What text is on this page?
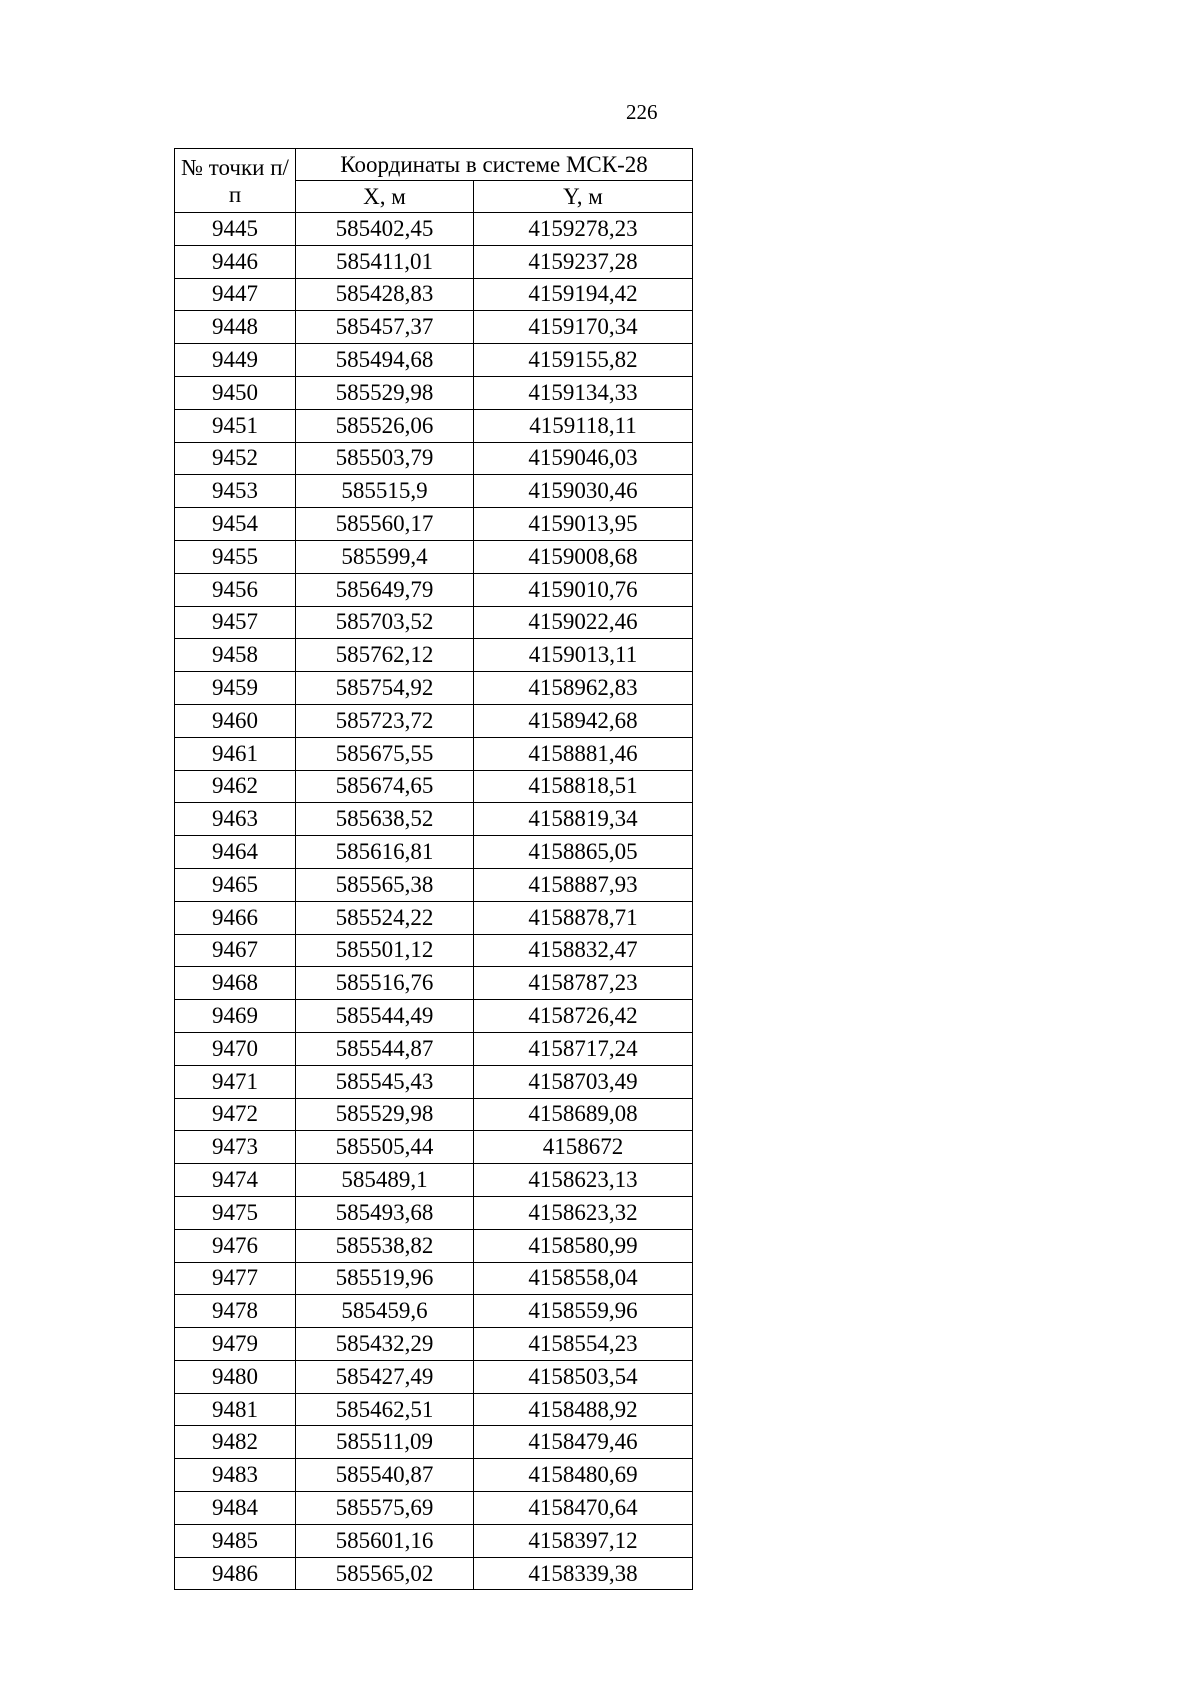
226
№ точки п/п	Координаты в системе МСК-28	
	X, м	Y, м
9445	585402,45	4159278,23
9446	585411,01	4159237,28
9447	585428,83	4159194,42
9448	585457,37	4159170,34
9449	585494,68	4159155,82
9450	585529,98	4159134,33
9451	585526,06	4159118,11
9452	585503,79	4159046,03
9453	585515,9	4159030,46
9454	585560,17	4159013,95
9455	585599,4	4159008,68
9456	585649,79	4159010,76
9457	585703,52	4159022,46
9458	585762,12	4159013,11
9459	585754,92	4158962,83
9460	585723,72	4158942,68
9461	585675,55	4158881,46
9462	585674,65	4158818,51
9463	585638,52	4158819,34
9464	585616,81	4158865,05
9465	585565,38	4158887,93
9466	585524,22	4158878,71
9467	585501,12	4158832,47
9468	585516,76	4158787,23
9469	585544,49	4158726,42
9470	585544,87	4158717,24
9471	585545,43	4158703,49
9472	585529,98	4158689,08
9473	585505,44	4158672
9474	585489,1	4158623,13
9475	585493,68	4158623,32
9476	585538,82	4158580,99
9477	585519,96	4158558,04
9478	585459,6	4158559,96
9479	585432,29	4158554,23
9480	585427,49	4158503,54
9481	585462,51	4158488,92
9482	585511,09	4158479,46
9483	585540,87	4158480,69
9484	585575,69	4158470,64
9485	585601,16	4158397,12
9486	585565,02	4158339,38
